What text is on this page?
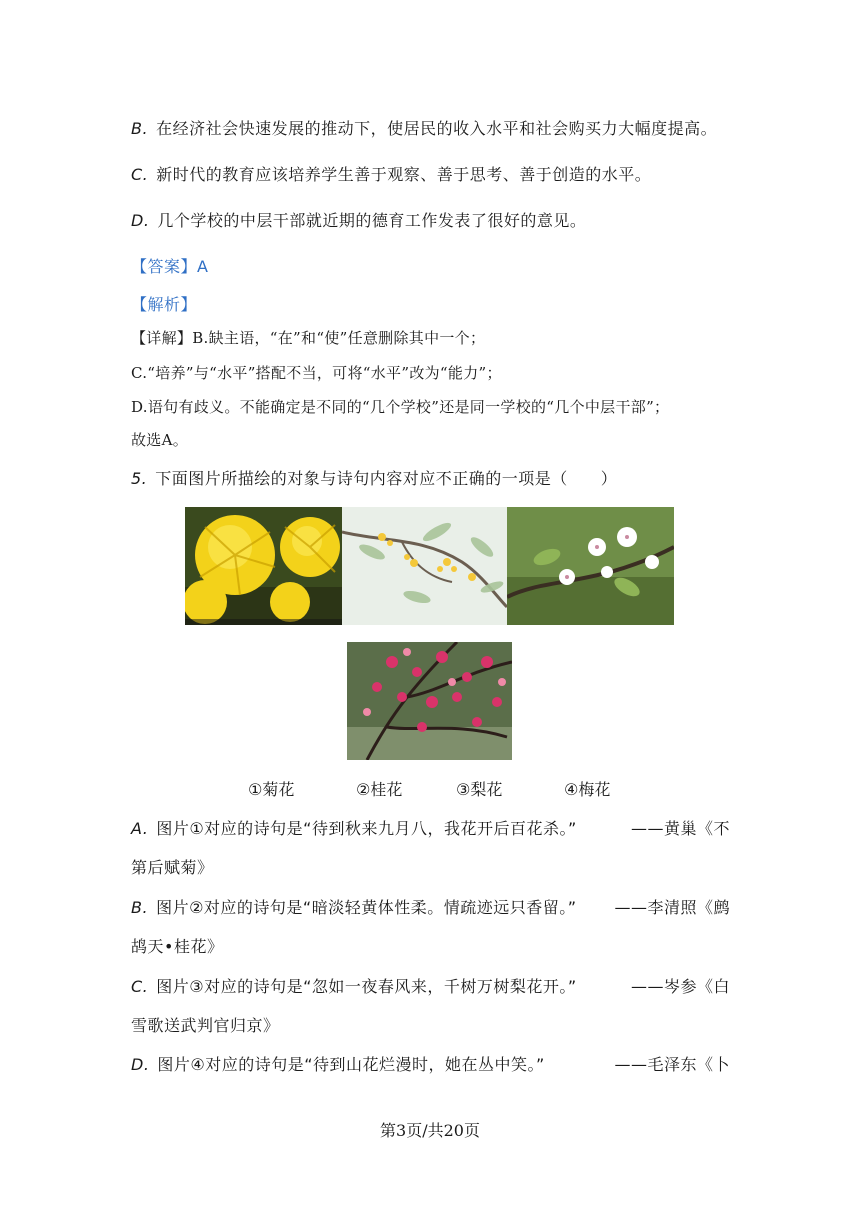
B. 在经济社会快速发展的推动下，使居民的收入水平和社会购买力大幅度提高。
C. 新时代的教育应该培养学生善于观察、善于思考、善于创造的水平。
D. 几个学校的中层干部就近期的德育工作发表了很好的意见。
【答案】A
【解析】
【详解】B.缺主语，“在”和“使”任意删除其中一个；
C.“培养”与“水平”搭配不当，可将“水平”改为“能力”；
D.语句有歧义。不能确定是不同的“几个学校”还是同一学校的“几个中层干部”；
故选A。
5. 下面图片所描绘的对象与诗句内容对应不正确的一项是（　　）
①菊花	②桂花	③梨花	④梅花
A. 图片①对应的诗句是“待到秋来九月八，我花开后百花杀。”	——黄巢《不
第后赋菊》
B. 图片②对应的诗句是“暗淡轻黄体性柔。情疏迹远只香留。” ——李清照《鹧
鸪天•桂花》
C. 图片③对应的诗句是“忽如一夜春风来，千树万树梨花开。”	——岑参《白
雪歌送武判官归京》
D. 图片④对应的诗句是“待到山花烂漫时，她在丛中笑。”	——毛泽东《卜
第3页/共20页
